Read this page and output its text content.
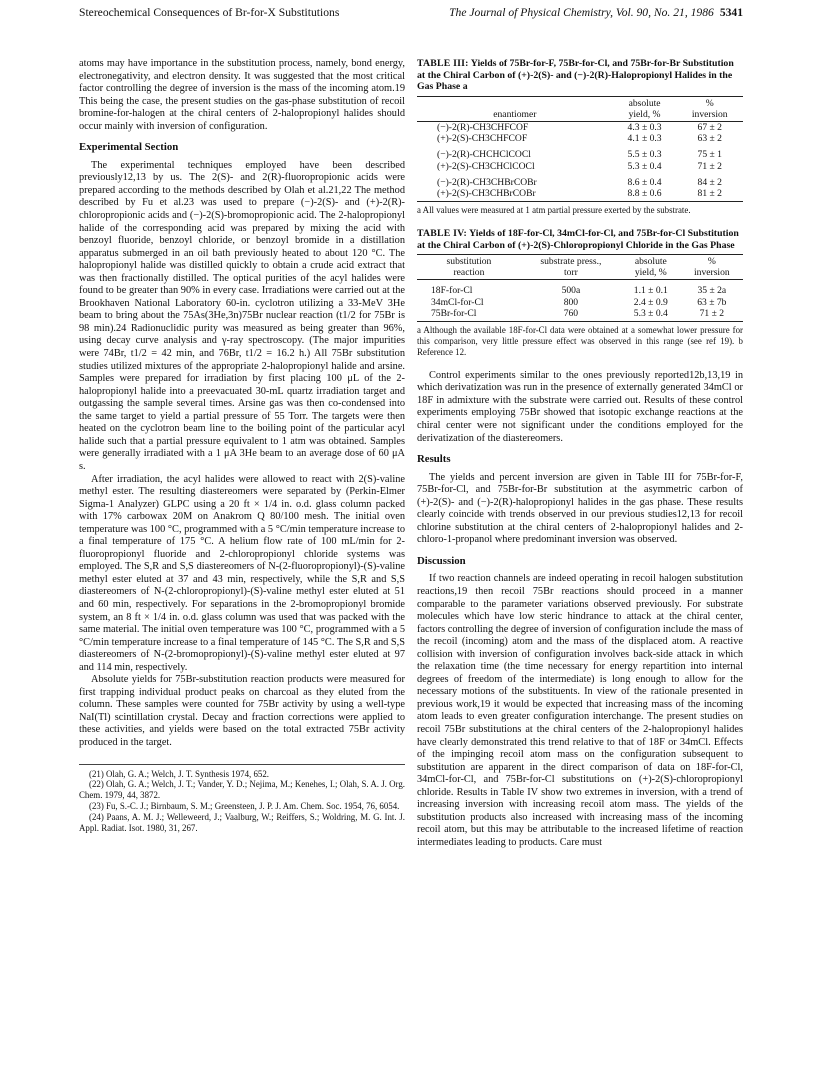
Stereochemical Consequences of Br-for-X Substitutions	The Journal of Physical Chemistry, Vol. 90, No. 21, 1986 5341

atoms may have importance in the substitution process, namely, bond energy, electronegativity, and electron density. It was suggested that the most critical factor controlling the degree of inversion is the mass of the incoming atom.19 This being the case, the present studies on the gas-phase substitution of recoil bromine-for-halogen at the chiral centers of 2-halopropionyl halides should occur mainly with inversion of configuration.

Experimental Section

The experimental techniques employed have been described previously12,13 by us. The 2(S)- and 2(R)-fluoropropionic acids were prepared according to the methods described by Olah et al.21,22 The method described by Fu et al.23 was used to prepare (−)-2(S)- and (+)-2(R)-chloropropionic acids and (−)-2(S)-bromopropionic acid. The 2-halopropionyl halide of the corresponding acid was prepared by mixing the acid with benzoyl fluoride, benzoyl chloride, or benzoyl bromide in a distillation apparatus submerged in an oil bath previously heated to about 120 °C. The halopropionyl halide was distilled quickly to obtain a crude acid extract that was then fractionally distilled. The optical purities of the acyl halides were found to be greater than 90% in every case. Irradiations were carried out at the Brookhaven National Laboratory 60-in. cyclotron utilizing a 33-MeV 3He beam to bring about the 75As(3He,3n)75Br nuclear reaction (t1/2 for 75Br is 98 min).24 Radionuclidic purity was measured as being greater than 96%, using decay curve analysis and γ-ray spectroscopy. (The major impurities were 74Br, t1/2 = 42 min, and 76Br, t1/2 = 16.2 h.) All 75Br substitution studies utilized mixtures of the appropriate 2-halopropionyl halide and arsine. Samples were prepared for irradiation by first placing 100 μL of the 2-halopropionyl halide into a preevacuated 30-mL quartz irradiation target and outgassing the sample several times. Arsine gas was then co-condensed into the same target to yield a partial pressure of 55 Torr. The targets were then heated on the cyclotron beam line to the boiling point of the particular acyl halide such that a partial pressure equivalent to 1 atm was obtained. Samples were generally irradiated with a 1 μA 3He beam to an average dose of 60 μA s.

After irradiation, the acyl halides were allowed to react with 2(S)-valine methyl ester. The resulting diastereomers were separated by (Perkin-Elmer Sigma-1 Analyzer) GLPC using a 20 ft × 1/4 in. o.d. glass column packed with 17% carbowax 20M on Anakrom Q 80/100 mesh. The initial oven temperature was 100 °C, programmed with a 5 °C/min temperature increase to a final temperature of 175 °C. A helium flow rate of 100 mL/min for 2-fluoropropionyl fluoride and 2-chloropropionyl chloride systems was employed. The S,R and S,S diastereomers of N-(2-fluoropropionyl)-(S)-valine methyl ester eluted at 37 and 43 min, respectively, while the S,R and S,S diastereomers of N-(2-chloropropionyl)-(S)-valine methyl ester eluted at 51 and 60 min, respectively. For separations in the 2-bromopropionyl bromide system, an 8 ft × 1/4 in. o.d. glass column was used that was packed with the same material. The initial oven temperature was 100 °C, programmed with a 5 °C/min temperature increase to a final temperature of 145 °C. The S,R and S,S diastereomers of N-(2-bromopropionyl)-(S)-valine methyl ester eluted at 97 and 114 min, respectively.

Absolute yields for 75Br-substitution reaction products were measured for first trapping individual product peaks on charcoal as they eluted from the column. These samples were counted for 75Br activity by using a well-type NaI(Tl) scintillation crystal. Decay and fraction corrections were applied to these activities, and yields were based on the total extracted 75Br activity produced in the target.

(21) Olah, G. A.; Welch, J. T. Synthesis 1974, 652.
(22) Olah, G. A.; Welch, J. T.; Vander, Y. D.; Nejima, M.; Kenehes, I.; Olah, S. A. J. Org. Chem. 1979, 44, 3872.
(23) Fu, S.-C. J.; Birnbaum, S. M.; Greensteen, J. P. J. Am. Chem. Soc. 1954, 76, 6054.
(24) Paans, A. M. J.; Welleweerd, J.; Vaalburg, W.; Reiffers, S.; Woldring, M. G. Int. J. Appl. Radiat. Isot. 1980, 31, 267.
TABLE III: Yields of 75Br-for-F, 75Br-for-Cl, and 75Br-for-Br Substitution at the Chiral Carbon of (+)-2(S)- and (−)-2(R)-Halopropionyl Halides in the Gas Phase a
enantiomer	absolute
yield, %	%
inversion
(−)-2(R)-CH3CHFCOF	4.3 ± 0.3	67 ± 2
(+)-2(S)-CH3CHFCOF	4.1 ± 0.3	63 ± 2
(−)-2(R)-CHCHClCOCl	5.5 ± 0.3	75 ± 1
(+)-2(S)-CH3CHClCOCl	5.3 ± 0.4	71 ± 2
(−)-2(R)-CH3CHBrCOBr	8.6 ± 0.4	84 ± 2
(+)-2(S)-CH3CHBrCOBr	8.8 ± 0.6	81 ± 2
a All values were measured at 1 atm partial pressure exerted by the substrate.
TABLE IV: Yields of 18F-for-Cl, 34mCl-for-Cl, and 75Br-for-Cl Substitution at the Chiral Carbon of (+)-2(S)-Chloropropionyl Chloride in the Gas Phase
substitution
reaction	substrate press.,
torr	absolute
yield, %	%
inversion
18F-for-Cl	500a	1.1 ± 0.1	35 ± 2a
34mCl-for-Cl	800	2.4 ± 0.9	63 ± 7b
75Br-for-Cl	760	5.3 ± 0.4	71 ± 2
a Although the available 18F-for-Cl data were obtained at a somewhat lower pressure for this comparison, very little pressure effect was observed in this range (see ref 19). b Reference 12.

Control experiments similar to the ones previously reported12b,13,19 in which derivatization was run in the presence of externally generated 34mCl or 18F in admixture with the substrate were carried out. Results of these control experiments employing 75Br showed that isotopic exchange reactions at the chiral center were not significant under the conditions employed for the derivatization of the diastereomers.

Results

The yields and percent inversion are given in Table III for 75Br-for-F, 75Br-for-Cl, and 75Br-for-Br substitution at the asymmetric carbon of (+)-2(S)- and (−)-2(R)-halopropionyl halides in the gas phase. These results clearly coincide with trends observed in our previous studies12,13 for recoil chlorine substitution at the chiral centers of 2-halopropionyl halides and 2-chloro-1-propanol where predominant inversion was observed.

Discussion

If two reaction channels are indeed operating in recoil halogen substitution reactions,19 then recoil 75Br reactions should proceed in a manner comparable to the parameter variations observed previously. For substrate molecules which have low steric hindrance to attack at the chiral center, factors controlling the degree of inversion of configuration include the mass of the recoil (incoming) atom and the mass of the displaced atom. A reactive collision with inversion of configuration involves back-side attack in which the relaxation time (the time necessary for energy repartition into internal degrees of freedom of the intermediate) is long enough to allow for the necessary motions of the substituents. In view of the rationale presented in previous work,19 it would be expected that increasing mass of the incoming atom leads to even greater configuration interchange. The present studies on recoil 75Br substitutions at the chiral centers of the 2-halopropionyl halides have clearly demonstrated this trend relative to that of 18F or 34mCl. Effects of the impinging recoil atom mass on the configuration subsequent to substitution are apparent in the direct comparison of data on 18F-for-Cl, 34mCl-for-Cl, and 75Br-for-Cl substitutions on (+)-2(S)-chloropropionyl chloride. Results in Table IV show two extremes in inversion, with a trend of increasing inversion with increasing recoil atom mass. The yields of the substitution products also increased with increasing mass of the incoming recoil atom, but this may be attributable to the increased lifetime of reaction intermediates leading to products. Care must
